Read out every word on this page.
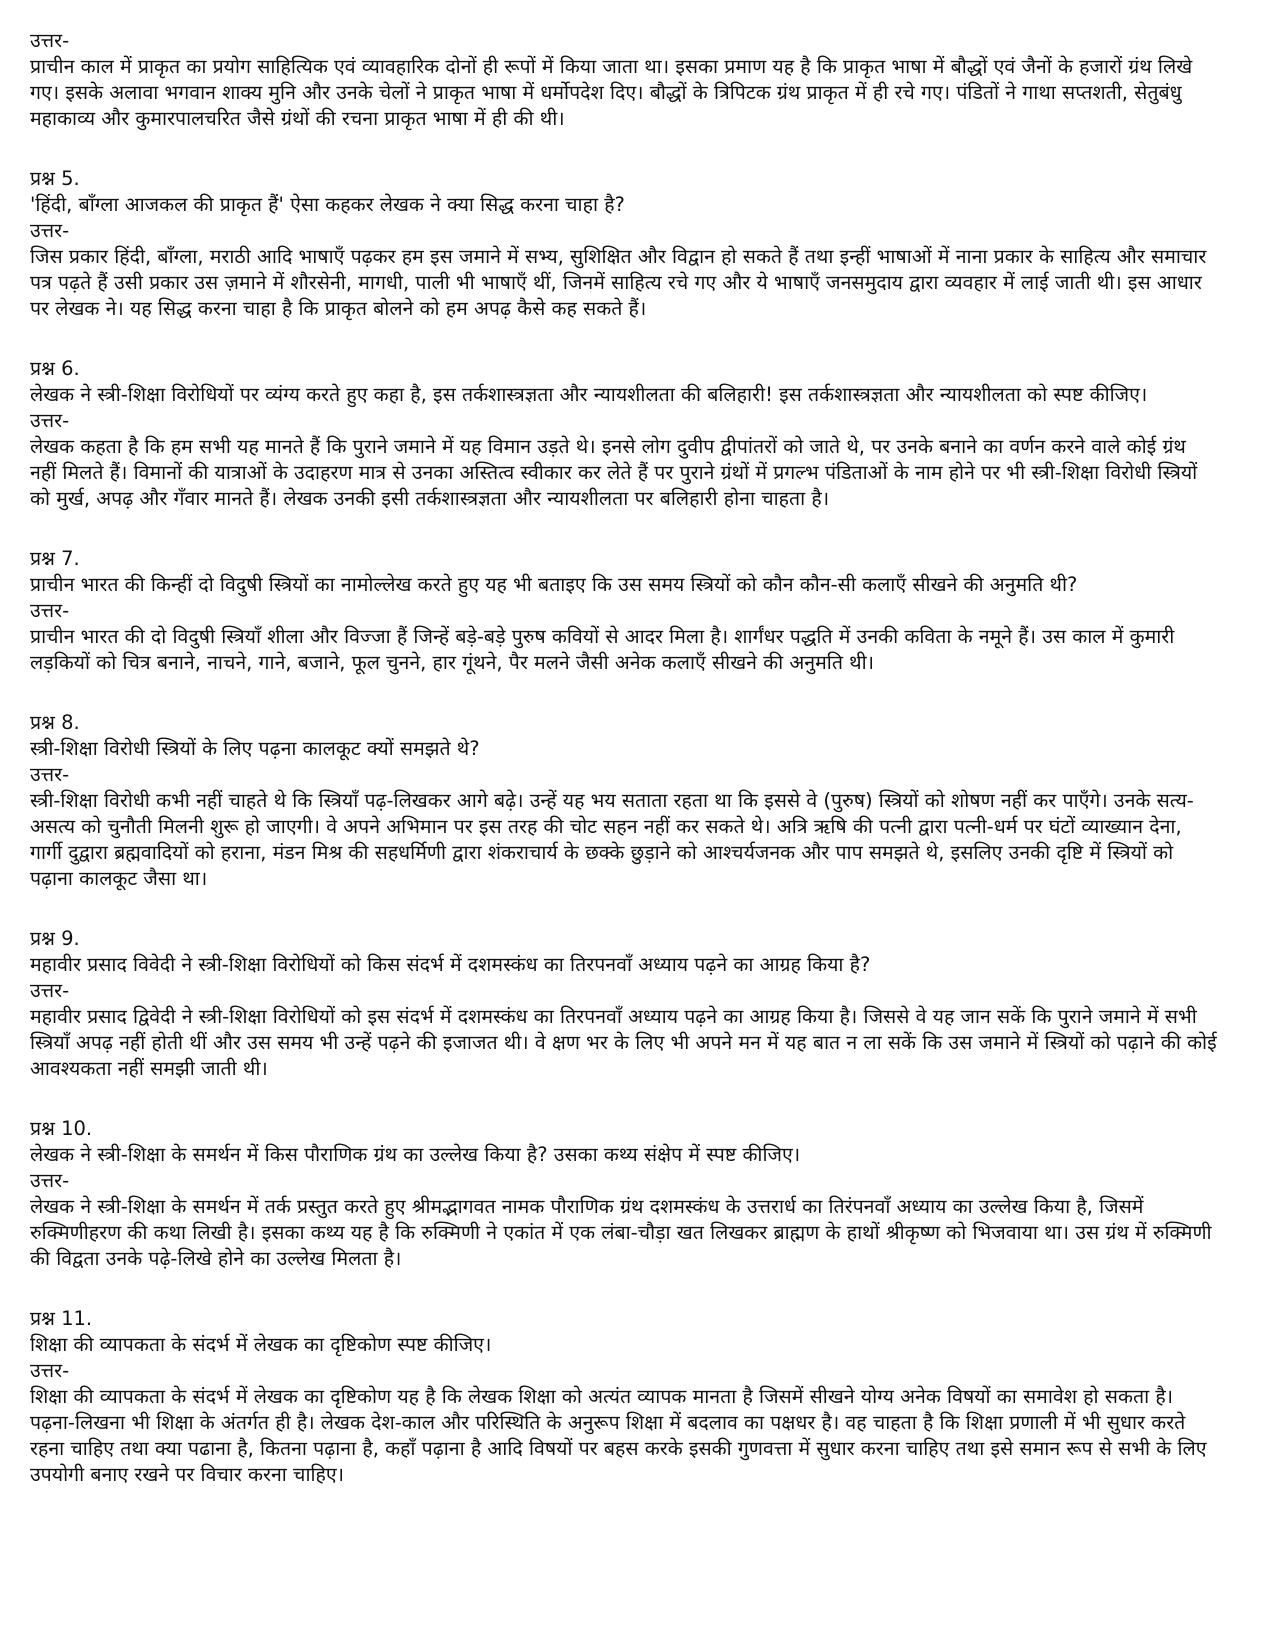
उत्तर-

प्राचीन काल में प्राकृत का प्रयोग साहित्यिक एवं व्यावहारिक दोनों ही रूपों में किया जाता था। इसका प्रमाण यह है कि प्राकृत भाषा में बौद्धों एवं जैनों के हजारों ग्रंथ लिखे गए। इसके अलावा भगवान शाक्य मुनि और उनके चेलों ने प्राकृत भाषा में धर्मोपदेश दिए। बौद्धों के त्रिपिटक ग्रंथ प्राकृत में ही रचे गए। पंडितों ने गाथा सप्तशती, सेतुबंधु महाकाव्य और कुमारपालचरित जैसे ग्रंथों की रचना प्राकृत भाषा में ही की थी।

प्रश्न 5.

'हिंदी, बाँग्ला आजकल की प्राकृत हैं' ऐसा कहकर लेखक ने क्या सिद्ध करना चाहा है?

उत्तर-

जिस प्रकार हिंदी, बाँग्ला, मराठी आदि भाषाएँ पढ़कर हम इस जमाने में सभ्य, सुशिक्षित और विद्वान हो सकते हैं तथा इन्हीं भाषाओं में नाना प्रकार के साहित्य और समाचार पत्र पढ़ते हैं उसी प्रकार उस ज़माने में शौरसेनी, मागधी, पाली भी भाषाएँ थीं, जिनमें साहित्य रचे गए और ये भाषाएँ जनसमुदाय द्वारा व्यवहार में लाई जाती थी। इस आधार पर लेखक ने। यह सिद्ध करना चाहा है कि प्राकृत बोलने को हम अपढ़ कैसे कह सकते हैं।

प्रश्न 6.

लेखक ने स्त्री-शिक्षा विरोधियों पर व्यंग्य करते हुए कहा है, इस तर्कशास्त्रज्ञता और न्यायशीलता की बलिहारी! इस तर्कशास्त्रज्ञता और न्यायशीलता को स्पष्ट कीजिए।

उत्तर-

लेखक कहता है कि हम सभी यह मानते हैं कि पुराने जमाने में यह विमान उड़ते थे। इनसे लोग दुवीप द्वीपांतरों को जाते थे, पर उनके बनाने का वर्णन करने वाले कोई ग्रंथ नहीं मिलते हैं। विमानों की यात्राओं के उदाहरण मात्र से उनका अस्तित्व स्वीकार कर लेते हैं पर पुराने ग्रंथों में प्रगल्भ पंडिताओं के नाम होने पर भी स्त्री-शिक्षा विरोधी स्त्रियों को मुर्ख, अपढ़ और गँवार मानते हैं। लेखक उनकी इसी तर्कशास्त्रज्ञता और न्यायशीलता पर बलिहारी होना चाहता है।

प्रश्न 7.

प्राचीन भारत की किन्हीं दो विदुषी स्त्रियों का नामोल्लेख करते हुए यह भी बताइए कि उस समय स्त्रियों को कौन कौन-सी कलाएँ सीखने की अनुमति थी?

उत्तर-

प्राचीन भारत की दो विदुषी स्त्रियाँ शीला और विज्जा हैं जिन्हें बड़े-बड़े पुरुष कवियों से आदर मिला है। शार्गंधर पद्धति में उनकी कविता के नमूने हैं। उस काल में कुमारी लड़कियों को चित्र बनाने, नाचने, गाने, बजाने, फूल चुनने, हार गूंथने, पैर मलने जैसी अनेक कलाएँ सीखने की अनुमति थी।

प्रश्न 8.

स्त्री-शिक्षा विरोधी स्त्रियों के लिए पढ़ना कालकूट क्यों समझते थे?

उत्तर-

स्त्री-शिक्षा विरोधी कभी नहीं चाहते थे कि स्त्रियाँ पढ़-लिखकर आगे बढ़े। उन्हें यह भय सताता रहता था कि इससे वे (पुरुष) स्त्रियों को शोषण नहीं कर पाएँगे। उनके सत्य-असत्य को चुनौती मिलनी शुरू हो जाएगी। वे अपने अभिमान पर इस तरह की चोट सहन नहीं कर सकते थे। अत्रि ऋषि की पत्नी द्वारा पत्नी-धर्म पर घंटों व्याख्यान देना, गार्गी दुद्वारा ब्रह्मवादियों को हराना, मंडन मिश्र की सहधर्मिणी द्वारा शंकराचार्य के छक्के छुड़ाने को आश्चर्यजनक और पाप समझते थे, इसलिए उनकी दृष्टि में स्त्रियों को पढ़ाना कालकूट जैसा था।

प्रश्न 9.

महावीर प्रसाद विवेदी ने स्त्री-शिक्षा विरोधियों को किस संदर्भ में दशमस्कंध का तिरपनवाँ अध्याय पढ़ने का आग्रह किया है?

उत्तर-

महावीर प्रसाद द्विवेदी ने स्त्री-शिक्षा विरोधियों को इस संदर्भ में दशमस्कंध का तिरपनवाँ अध्याय पढ़ने का आग्रह किया है। जिससे वे यह जान सकें कि पुराने जमाने में सभी स्त्रियाँ अपढ़ नहीं होती थीं और उस समय भी उन्हें पढ़ने की इजाजत थी। वे क्षण भर के लिए भी अपने मन में यह बात न ला सकें कि उस जमाने में स्त्रियों को पढ़ाने की कोई आवश्यकता नहीं समझी जाती थी।

प्रश्न 10.

लेखक ने स्त्री-शिक्षा के समर्थन में किस पौराणिक ग्रंथ का उल्लेख किया है? उसका कथ्य संक्षेप में स्पष्ट कीजिए।

उत्तर-

लेखक ने स्त्री-शिक्षा के समर्थन में तर्क प्रस्तुत करते हुए श्रीमद्भागवत नामक पौराणिक ग्रंथ दशमस्कंध के उत्तरार्ध का तिरंपनवाँ अध्याय का उल्लेख किया है, जिसमें रुक्मिणीहरण की कथा लिखी है। इसका कथ्य यह है कि रुक्मिणी ने एकांत में एक लंबा-चौड़ा खत लिखकर ब्राह्मण के हाथों श्रीकृष्ण को भिजवाया था। उस ग्रंथ में रुक्मिणी की विद्वता उनके पढ़े-लिखे होने का उल्लेख मिलता है।

प्रश्न 11.

शिक्षा की व्यापकता के संदर्भ में लेखक का दृष्टिकोण स्पष्ट कीजिए।

उत्तर-

शिक्षा की व्यापकता के संदर्भ में लेखक का दृष्टिकोण यह है कि लेखक शिक्षा को अत्यंत व्यापक मानता है जिसमें सीखने योग्य अनेक विषयों का समावेश हो सकता है। पढ़ना-लिखना भी शिक्षा के अंतर्गत ही है। लेखक देश-काल और परिस्थिति के अनुरूप शिक्षा में बदलाव का पक्षधर है। वह चाहता है कि शिक्षा प्रणाली में भी सुधार करते रहना चाहिए तथा क्या पढाना है, कितना पढ़ाना है, कहाँ पढ़ाना है आदि विषयों पर बहस करके इसकी गुणवत्ता में सुधार करना चाहिए तथा इसे समान रूप से सभी के लिए उपयोगी बनाए रखने पर विचार करना चाहिए।
